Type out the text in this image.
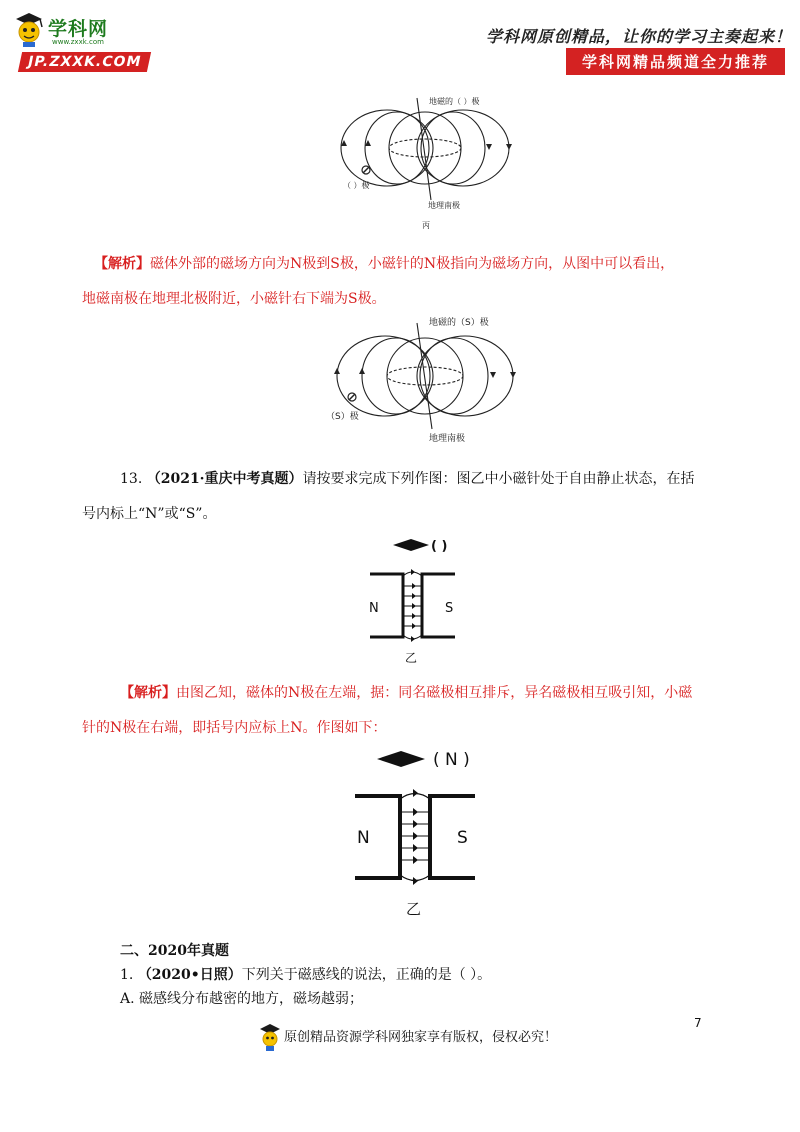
学科网
www.zxxk.com
JP.ZXXK.COM
学科网原创精品，让你的学习主奏起来！
学科网精品频道全力推荐
地磁的（ ）极
（ ）极
地理南极
丙
【解析】磁体外部的磁场方向为N极到S极，小磁针的N极指向为磁场方向，从图中可以看出，
地磁南极在地理北极附近，小磁针右下端为S极。
地磁的（S）极
（S）极
地理南极
13. （2021·重庆中考真题）请按要求完成下列作图：图乙中小磁针处于自由静止状态，在括
号内标上“N”或“S”。
( )
N	S
乙
【解析】由图乙知，磁体的N极在左端，据：同名磁极相互排斥，异名磁极相互吸引知，小磁
针的N极在右端，即括号内应标上N。作图如下：
( N )
N	S
乙
二、2020年真题
1. （2020•日照）下列关于磁感线的说法，正确的是（ ）。
A. 磁感线分布越密的地方，磁场越弱；
7
原创精品资源学科网独家享有版权，侵权必究！
